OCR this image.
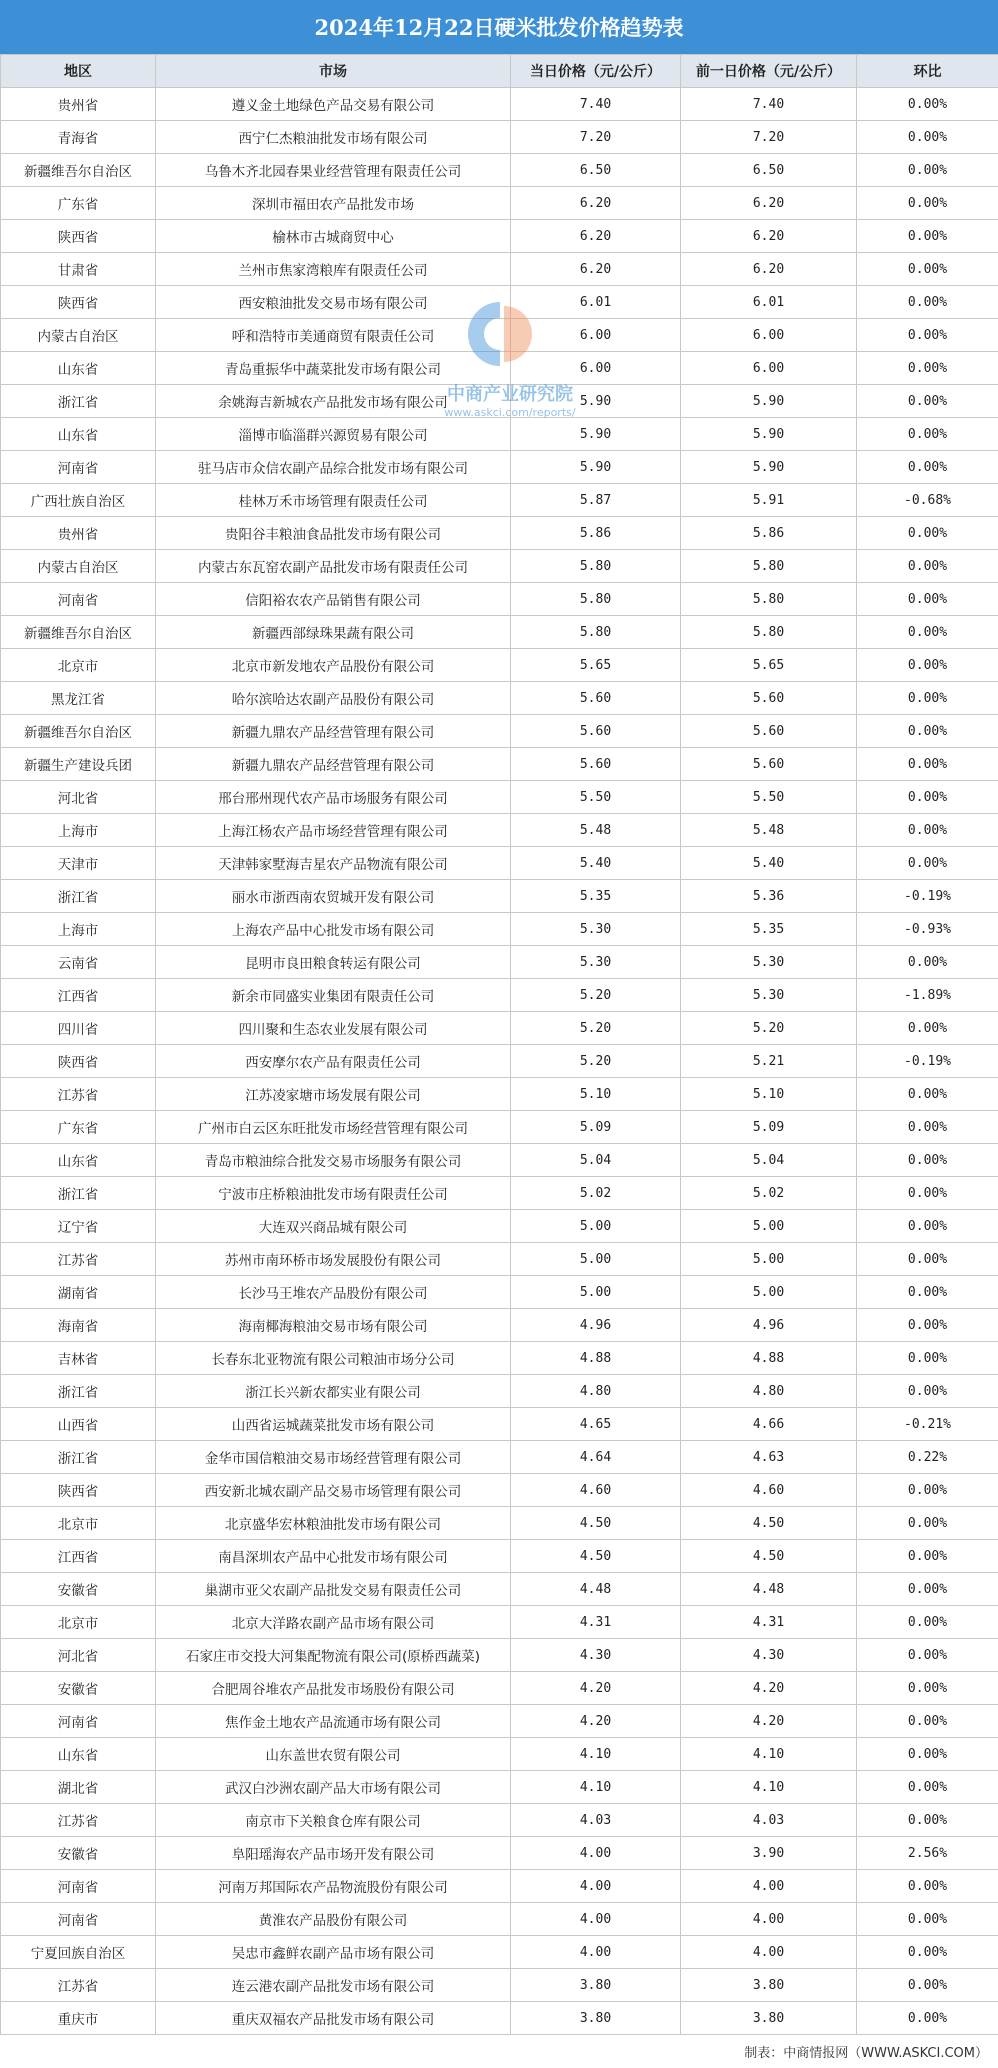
2024年12月22日硬米批发价格趋势表
地区	市场	当日价格（元/公斤）	前一日价格（元/公斤）	环比
贵州省	遵义金土地绿色产品交易有限公司	7.40	7.40	0.00%
青海省	西宁仁杰粮油批发市场有限公司	7.20	7.20	0.00%
新疆维吾尔自治区	乌鲁木齐北园春果业经营管理有限责任公司	6.50	6.50	0.00%
广东省	深圳市福田农产品批发市场	6.20	6.20	0.00%
陕西省	榆林市古城商贸中心	6.20	6.20	0.00%
甘肃省	兰州市焦家湾粮库有限责任公司	6.20	6.20	0.00%
陕西省	西安粮油批发交易市场有限公司	6.01	6.01	0.00%
内蒙古自治区	呼和浩特市美通商贸有限责任公司	6.00	6.00	0.00%
山东省	青岛重振华中蔬菜批发市场有限公司	6.00	6.00	0.00%
浙江省	余姚海吉新城农产品批发市场有限公司	5.90	5.90	0.00%
山东省	淄博市临淄群兴源贸易有限公司	5.90	5.90	0.00%
河南省	驻马店市众信农副产品综合批发市场有限公司	5.90	5.90	0.00%
广西壮族自治区	桂林万禾市场管理有限责任公司	5.87	5.91	-0.68%
贵州省	贵阳谷丰粮油食品批发市场有限公司	5.86	5.86	0.00%
内蒙古自治区	内蒙古东瓦窑农副产品批发市场有限责任公司	5.80	5.80	0.00%
河南省	信阳裕农农产品销售有限公司	5.80	5.80	0.00%
新疆维吾尔自治区	新疆西部绿珠果蔬有限公司	5.80	5.80	0.00%
北京市	北京市新发地农产品股份有限公司	5.65	5.65	0.00%
黑龙江省	哈尔滨哈达农副产品股份有限公司	5.60	5.60	0.00%
新疆维吾尔自治区	新疆九鼎农产品经营管理有限公司	5.60	5.60	0.00%
新疆生产建设兵团	新疆九鼎农产品经营管理有限公司	5.60	5.60	0.00%
河北省	邢台邢州现代农产品市场服务有限公司	5.50	5.50	0.00%
上海市	上海江杨农产品市场经营管理有限公司	5.48	5.48	0.00%
天津市	天津韩家墅海吉星农产品物流有限公司	5.40	5.40	0.00%
浙江省	丽水市浙西南农贸城开发有限公司	5.35	5.36	-0.19%
上海市	上海农产品中心批发市场有限公司	5.30	5.35	-0.93%
云南省	昆明市良田粮食转运有限公司	5.30	5.30	0.00%
江西省	新余市同盛实业集团有限责任公司	5.20	5.30	-1.89%
四川省	四川聚和生态农业发展有限公司	5.20	5.20	0.00%
陕西省	西安摩尔农产品有限责任公司	5.20	5.21	-0.19%
江苏省	江苏凌家塘市场发展有限公司	5.10	5.10	0.00%
广东省	广州市白云区东旺批发市场经营管理有限公司	5.09	5.09	0.00%
山东省	青岛市粮油综合批发交易市场服务有限公司	5.04	5.04	0.00%
浙江省	宁波市庄桥粮油批发市场有限责任公司	5.02	5.02	0.00%
辽宁省	大连双兴商品城有限公司	5.00	5.00	0.00%
江苏省	苏州市南环桥市场发展股份有限公司	5.00	5.00	0.00%
湖南省	长沙马王堆农产品股份有限公司	5.00	5.00	0.00%
海南省	海南椰海粮油交易市场有限公司	4.96	4.96	0.00%
吉林省	长春东北亚物流有限公司粮油市场分公司	4.88	4.88	0.00%
浙江省	浙江长兴新农都实业有限公司	4.80	4.80	0.00%
山西省	山西省运城蔬菜批发市场有限公司	4.65	4.66	-0.21%
浙江省	金华市国信粮油交易市场经营管理有限公司	4.64	4.63	0.22%
陕西省	西安新北城农副产品交易市场管理有限公司	4.60	4.60	0.00%
北京市	北京盛华宏林粮油批发市场有限公司	4.50	4.50	0.00%
江西省	南昌深圳农产品中心批发市场有限公司	4.50	4.50	0.00%
安徽省	巢湖市亚父农副产品批发交易有限责任公司	4.48	4.48	0.00%
北京市	北京大洋路农副产品市场有限公司	4.31	4.31	0.00%
河北省	石家庄市交投大河集配物流有限公司(原桥西蔬菜)	4.30	4.30	0.00%
安徽省	合肥周谷堆农产品批发市场股份有限公司	4.20	4.20	0.00%
河南省	焦作金土地农产品流通市场有限公司	4.20	4.20	0.00%
山东省	山东盖世农贸有限公司	4.10	4.10	0.00%
湖北省	武汉白沙洲农副产品大市场有限公司	4.10	4.10	0.00%
江苏省	南京市下关粮食仓库有限公司	4.03	4.03	0.00%
安徽省	阜阳瑶海农产品市场开发有限公司	4.00	3.90	2.56%
河南省	河南万邦国际农产品物流股份有限公司	4.00	4.00	0.00%
河南省	黄淮农产品股份有限公司	4.00	4.00	0.00%
宁夏回族自治区	吴忠市鑫鲜农副产品市场有限公司	4.00	4.00	0.00%
江苏省	连云港农副产品批发市场有限公司	3.80	3.80	0.00%
重庆市	重庆双福农产品批发市场有限公司	3.80	3.80	0.00%
制表：中商情报网（WWW.ASKCI.COM）
中商产业研究院
www.askci.com/reports/
